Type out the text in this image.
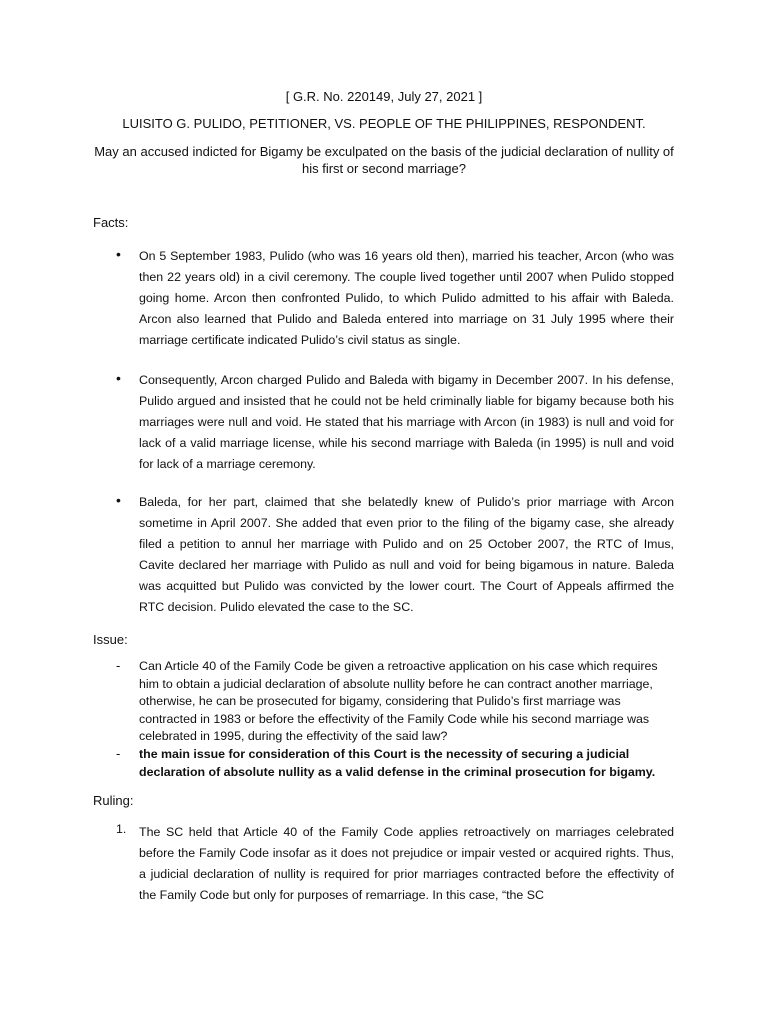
[ G.R. No. 220149, July 27, 2021 ]
LUISITO G. PULIDO, PETITIONER, VS. PEOPLE OF THE PHILIPPINES, RESPONDENT.
May an accused indicted for Bigamy be exculpated on the basis of the judicial declaration of nullity of his first or second marriage?
Facts:
• On 5 September 1983, Pulido (who was 16 years old then), married his teacher, Arcon (who was then 22 years old) in a civil ceremony. The couple lived together until 2007 when Pulido stopped going home. Arcon then confronted Pulido, to which Pulido admitted to his affair with Baleda. Arcon also learned that Pulido and Baleda entered into marriage on 31 July 1995 where their marriage certificate indicated Pulido’s civil status as single.
• Consequently, Arcon charged Pulido and Baleda with bigamy in December 2007. In his defense, Pulido argued and insisted that he could not be held criminally liable for bigamy because both his marriages were null and void. He stated that his marriage with Arcon (in 1983) is null and void for lack of a valid marriage license, while his second marriage with Baleda (in 1995) is null and void for lack of a marriage ceremony.
• Baleda, for her part, claimed that she belatedly knew of Pulido’s prior marriage with Arcon sometime in April 2007. She added that even prior to the filing of the bigamy case, she already filed a petition to annul her marriage with Pulido and on 25 October 2007, the RTC of Imus, Cavite declared her marriage with Pulido as null and void for being bigamous in nature. Baleda was acquitted but Pulido was convicted by the lower court. The Court of Appeals affirmed the RTC decision. Pulido elevated the case to the SC.
Issue:
- Can Article 40 of the Family Code be given a retroactive application on his case which requires him to obtain a judicial declaration of absolute nullity before he can contract another marriage, otherwise, he can be prosecuted for bigamy, considering that Pulido’s first marriage was contracted in 1983 or before the effectivity of the Family Code while his second marriage was celebrated in 1995, during the effectivity of the said law?
- the main issue for consideration of this Court is the necessity of securing a judicial declaration of absolute nullity as a valid defense in the criminal prosecution for bigamy.
Ruling:
1. The SC held that Article 40 of the Family Code applies retroactively on marriages celebrated before the Family Code insofar as it does not prejudice or impair vested or acquired rights. Thus, a judicial declaration of nullity is required for prior marriages contracted before the effectivity of the Family Code but only for purposes of remarriage. In this case, “the SC
